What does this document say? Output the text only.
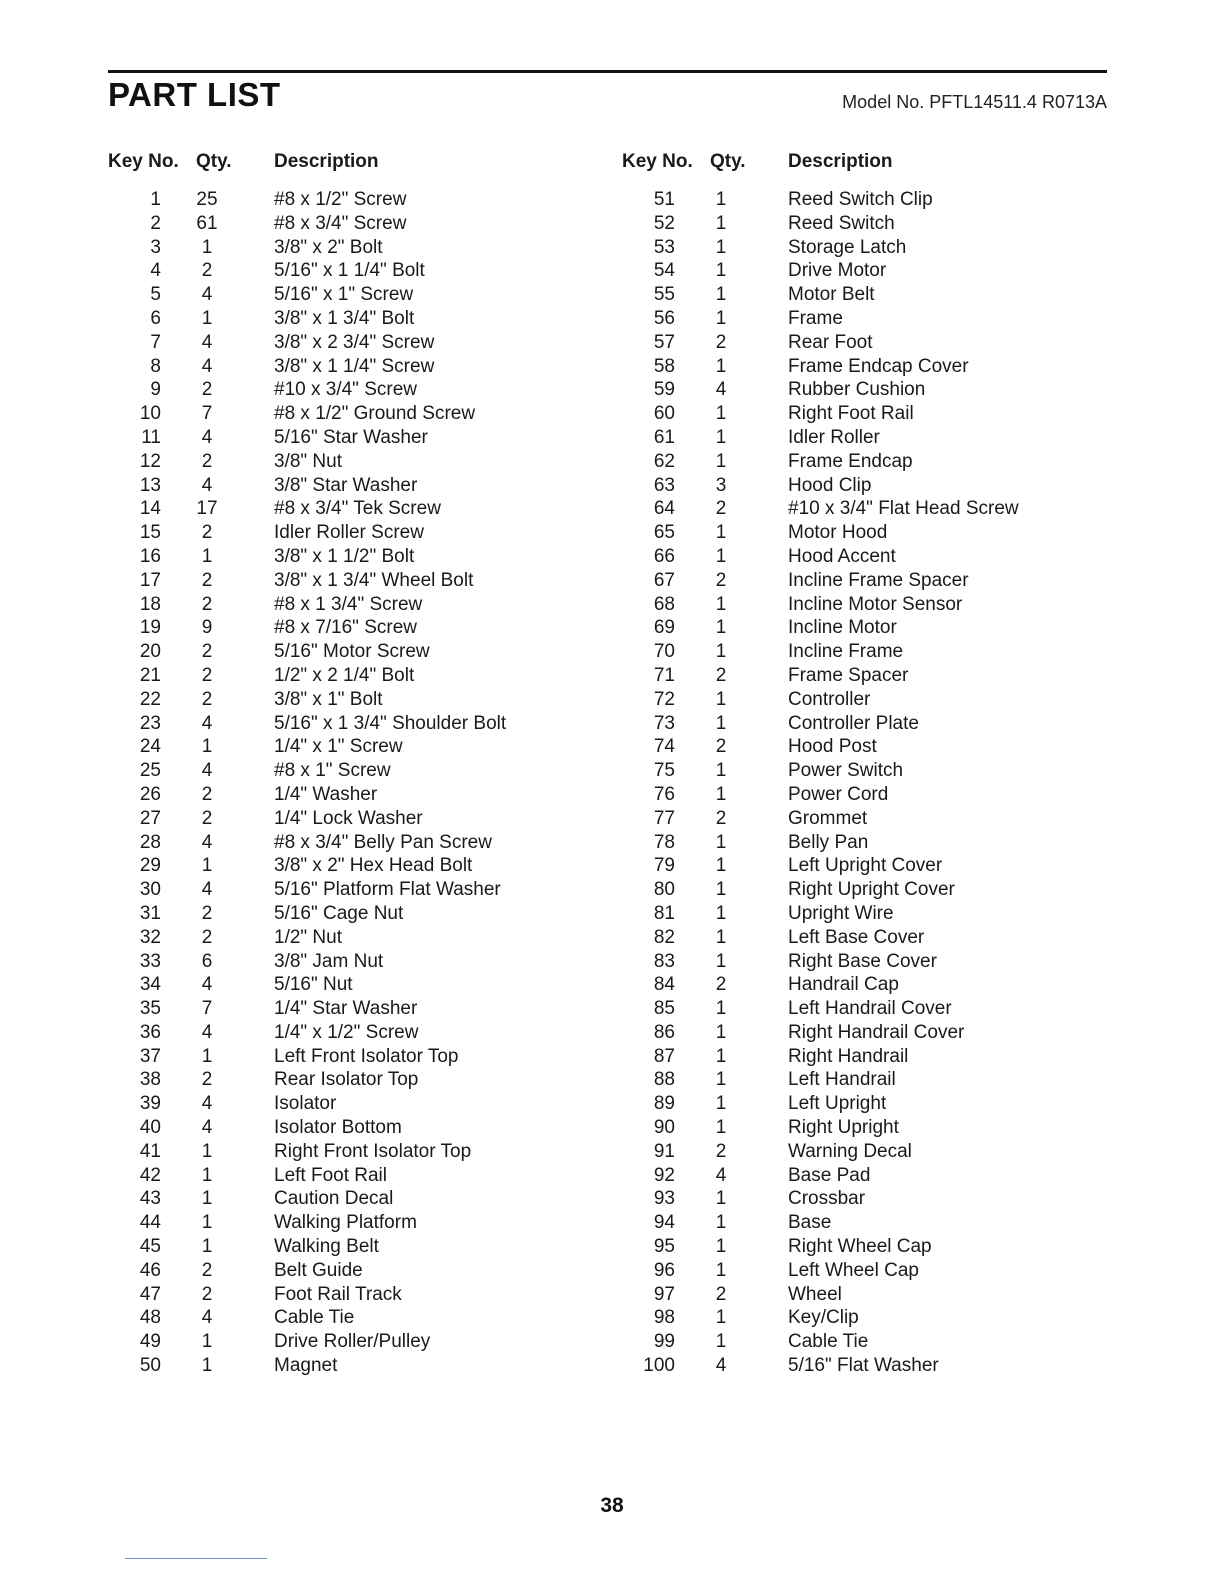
PART LIST	Model No. PFTL14511.4 R0713A
Key No. Qty. Description
1	25	#8 x 1/2" Screw
2	61	#8 x 3/4" Screw
3	1	3/8" x 2" Bolt
4	2	5/16" x 1 1/4" Bolt
5	4	5/16" x 1" Screw
6	1	3/8" x 1 3/4" Bolt
7	4	3/8" x 2 3/4" Screw
8	4	3/8" x 1 1/4" Screw
9	2	#10 x 3/4" Screw
10	7	#8 x 1/2" Ground Screw
11	4	5/16" Star Washer
12	2	3/8" Nut
13	4	3/8" Star Washer
14	17	#8 x 3/4" Tek Screw
15	2	Idler Roller Screw
16	1	3/8" x 1 1/2" Bolt
17	2	3/8" x 1 3/4" Wheel Bolt
18	2	#8 x 1 3/4" Screw
19	9	#8 x 7/16" Screw
20	2	5/16" Motor Screw
21	2	1/2" x 2 1/4" Bolt
22	2	3/8" x 1" Bolt
23	4	5/16" x 1 3/4" Shoulder Bolt
24	1	1/4" x 1" Screw
25	4	#8 x 1" Screw
26	2	1/4" Washer
27	2	1/4" Lock Washer
28	4	#8 x 3/4" Belly Pan Screw
29	1	3/8" x 2" Hex Head Bolt
30	4	5/16" Platform Flat Washer
31	2	5/16" Cage Nut
32	2	1/2" Nut
33	6	3/8" Jam Nut
34	4	5/16" Nut
35	7	1/4" Star Washer
36	4	1/4" x 1/2" Screw
37	1	Left Front Isolator Top
38	2	Rear Isolator Top
39	4	Isolator
40	4	Isolator Bottom
41	1	Right Front Isolator Top
42	1	Left Foot Rail
43	1	Caution Decal
44	1	Walking Platform
45	1	Walking Belt
46	2	Belt Guide
47	2	Foot Rail Track
48	4	Cable Tie
49	1	Drive Roller/Pulley
50	1	Magnet
Key No. Qty. Description
51	1	Reed Switch Clip
52	1	Reed Switch
53	1	Storage Latch
54	1	Drive Motor
55	1	Motor Belt
56	1	Frame
57	2	Rear Foot
58	1	Frame Endcap Cover
59	4	Rubber Cushion
60	1	Right Foot Rail
61	1	Idler Roller
62	1	Frame Endcap
63	3	Hood Clip
64	2	#10 x 3/4" Flat Head Screw
65	1	Motor Hood
66	1	Hood Accent
67	2	Incline Frame Spacer
68	1	Incline Motor Sensor
69	1	Incline Motor
70	1	Incline Frame
71	2	Frame Spacer
72	1	Controller
73	1	Controller Plate
74	2	Hood Post
75	1	Power Switch
76	1	Power Cord
77	2	Grommet
78	1	Belly Pan
79	1	Left Upright Cover
80	1	Right Upright Cover
81	1	Upright Wire
82	1	Left Base Cover
83	1	Right Base Cover
84	2	Handrail Cap
85	1	Left Handrail Cover
86	1	Right Handrail Cover
87	1	Right Handrail
88	1	Left Handrail
89	1	Left Upright
90	1	Right Upright
91	2	Warning Decal
92	4	Base Pad
93	1	Crossbar
94	1	Base
95	1	Right Wheel Cap
96	1	Left Wheel Cap
97	2	Wheel
98	1	Key/Clip
99	1	Cable Tie
100	4	5/16" Flat Washer
38
